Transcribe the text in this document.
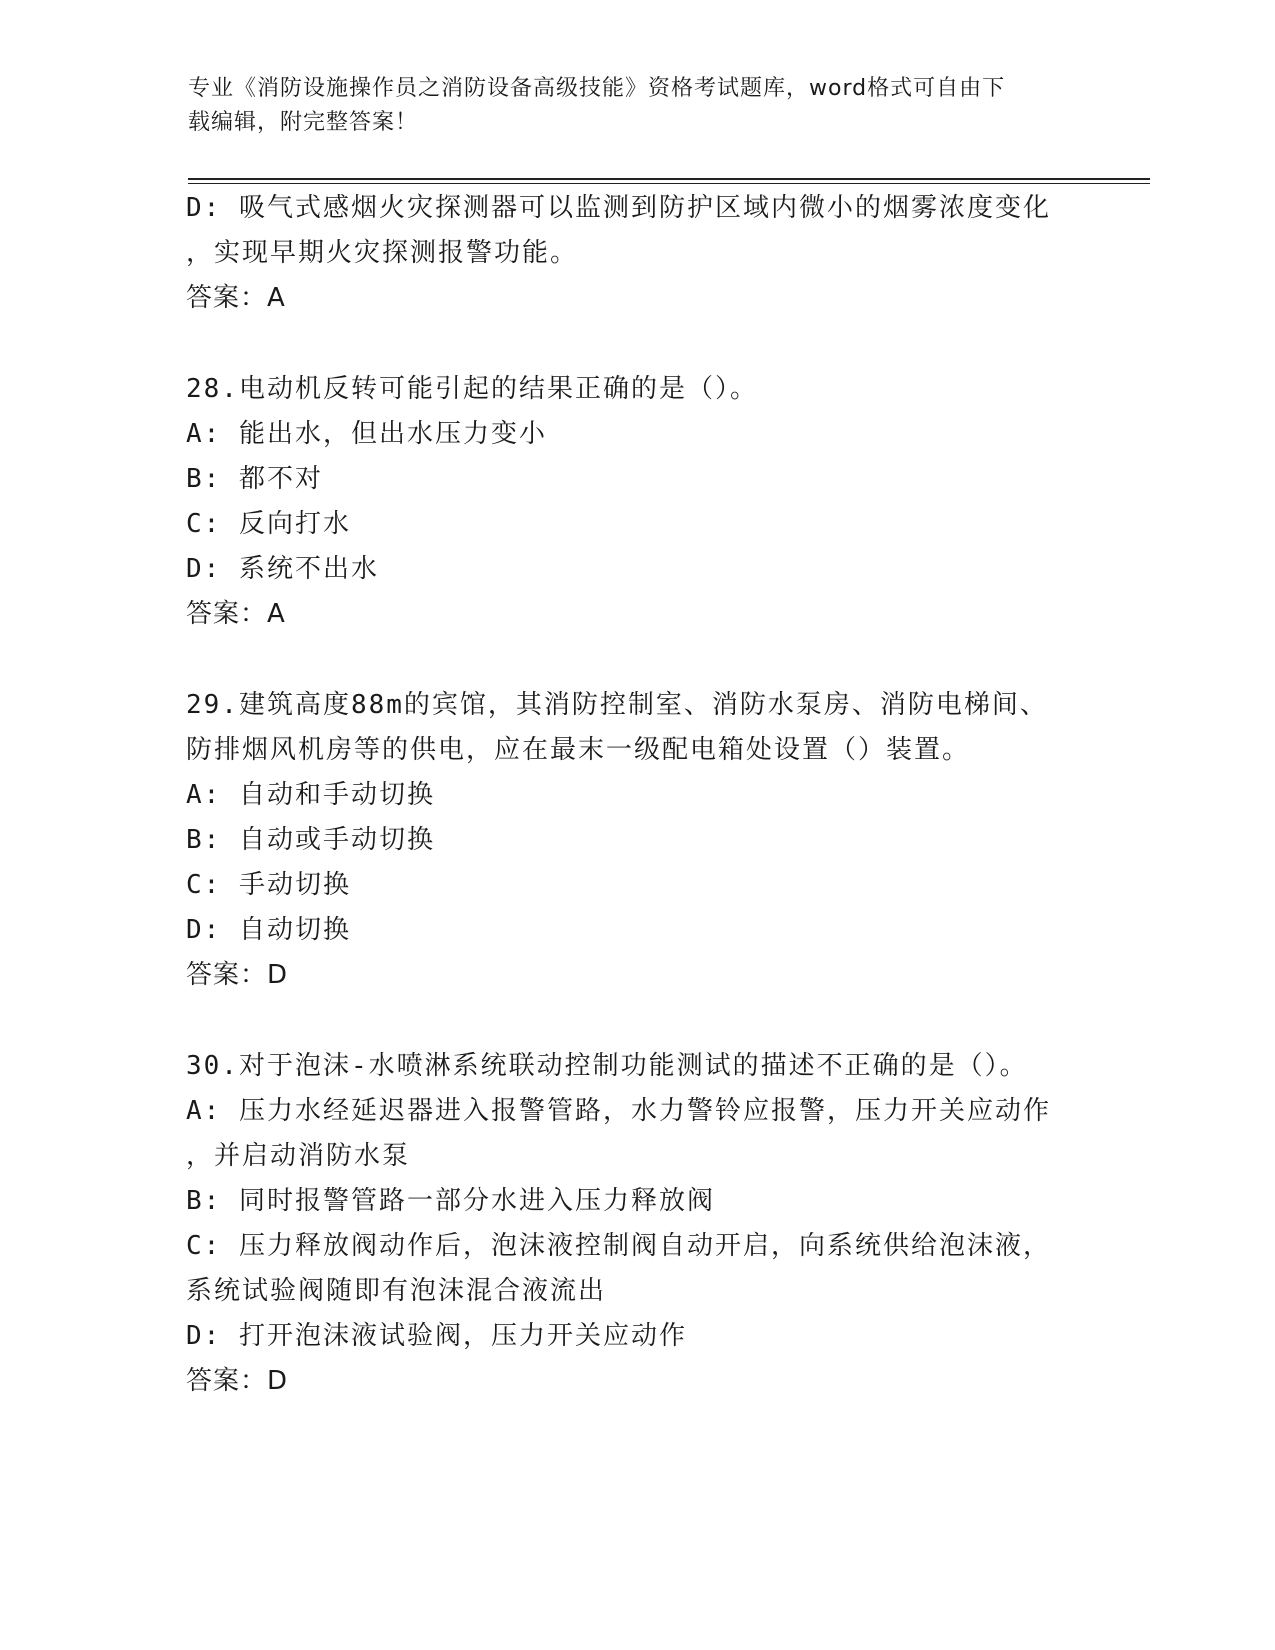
专业《消防设施操作员之消防设备高级技能》资格考试题库，word格式可自由下
载编辑，附完整答案！
D: 吸气式感烟火灾探测器可以监测到防护区域内微小的烟雾浓度变化
，实现早期火灾探测报警功能。
答案：A
28.电动机反转可能引起的结果正确的是（）。
A: 能出水，但出水压力变小
B: 都不对
C: 反向打水
D: 系统不出水
答案：A
29.建筑高度88m的宾馆，其消防控制室、消防水泵房、消防电梯间、
防排烟风机房等的供电，应在最末一级配电箱处设置（）装置。
A: 自动和手动切换
B: 自动或手动切换
C: 手动切换
D: 自动切换
答案：D
30.对于泡沫-水喷淋系统联动控制功能测试的描述不正确的是（）。
A: 压力水经延迟器进入报警管路，水力警铃应报警，压力开关应动作
，并启动消防水泵
B: 同时报警管路一部分水进入压力释放阀
C: 压力释放阀动作后，泡沫液控制阀自动开启，向系统供给泡沫液，
系统试验阀随即有泡沫混合液流出
D: 打开泡沫液试验阀，压力开关应动作
答案：D
